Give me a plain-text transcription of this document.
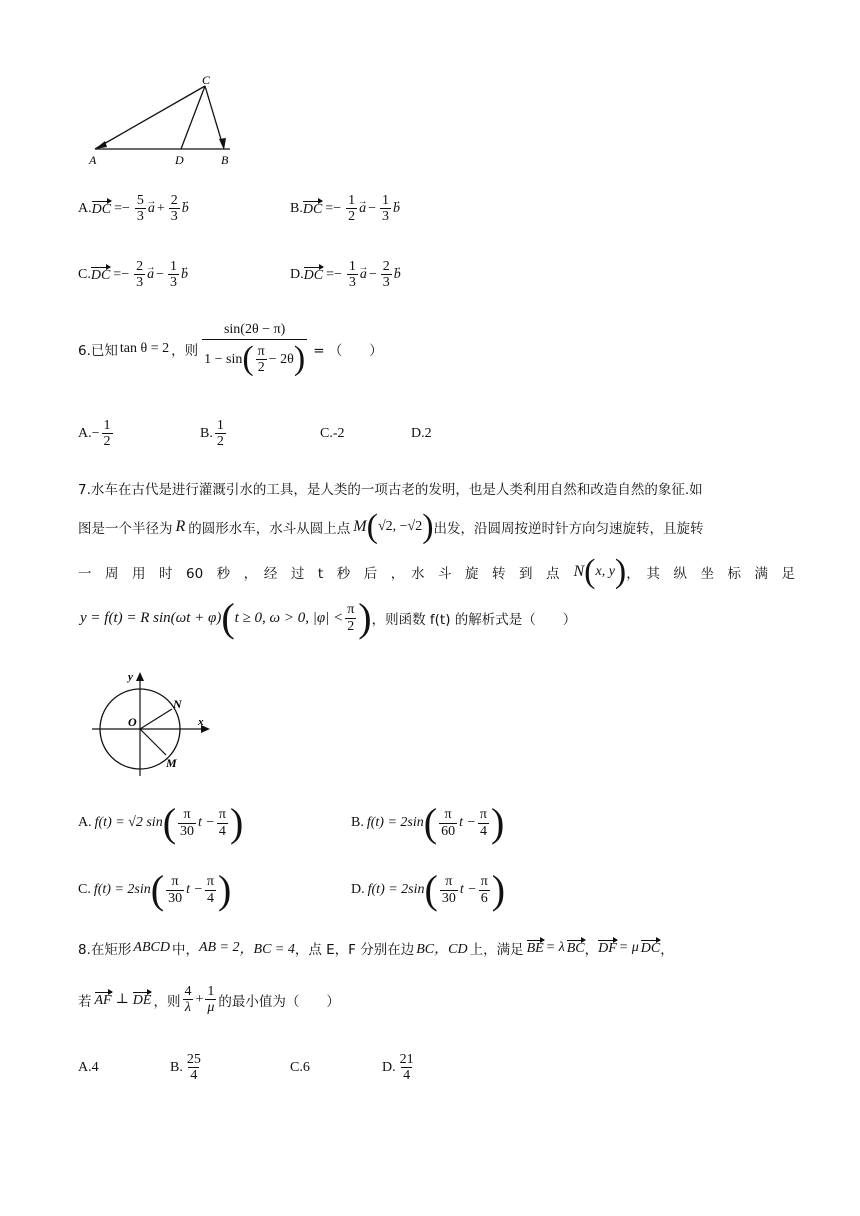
C
A	D	B
A. DC =− $\frac{5}{3}$
→ $a + \frac{2}{3}$
→ b	B. DC =− $\frac{1}{2}$
→ $a - \frac{1}{3}$
→ b
C. DC =− $\frac{2}{3}$
→ $a - \frac{1}{3}$
→ b	D. DC =− $\frac{1}{3}$
→ $a - \frac{2}{3}$
→ b
6.已知 tan θ = 2 ，则 $\frac{\sin(2\theta - \pi)}{1 - \sin ( \frac{\pi}{2} - 2\theta )}$ = （　　）
A. − $\frac{1}{2}$	B. $\frac{1}{2}$	C.-2	D.2
7.水车在古代是进行灌溉引水的工具，是人类的一项古老的发明，也是人类利用自然和改造自然的象征.如
图是一个半径为 R 的圆形水车，水斗从圆上点 M ( √2, −√2 ) 出发，沿圆周按逆时针方向匀速旋转，且旋转
一　周　用　时　60　秒　，　经　过　t　秒　后　，　水　斗　旋　转　到　点 N ( x, y ) ，　其　纵　坐　标　满　足
y = f(t) = R sin(ωt + φ) ( t ≥ 0, ω > 0, $|\varphi| < \frac{\pi}{2}$ ) ，则函数 f(t) 的解析式是（　　）
y
x
O
N
M
A. f(t) = √2 sin ( $\frac{\pi}{30}$ $t - \frac{\pi}{4}$ )	B. f(t) = 2sin ( $\frac{\pi}{60}$ $t - \frac{\pi}{4}$ )
C. f(t) = 2sin ( $\frac{\pi}{30}$ $t - \frac{\pi}{4}$ )	D. f(t) = 2sin ( $\frac{\pi}{30}$ $t - \frac{\pi}{6}$ )
8.在矩形 ABCD 中， AB = 2 ，BC = 4 ，点 E，F 分别在边 BC，CD 上，满足 BE = λ BC ， DF = μ DC ，
若 AF ⊥ DE ，则 $\frac{4}{\lambda} + \frac{1}{\mu}$ 的最小值为（　　）
A.4	B. $\frac{25}{4}$	C.6	D. $\frac{21}{4}$
